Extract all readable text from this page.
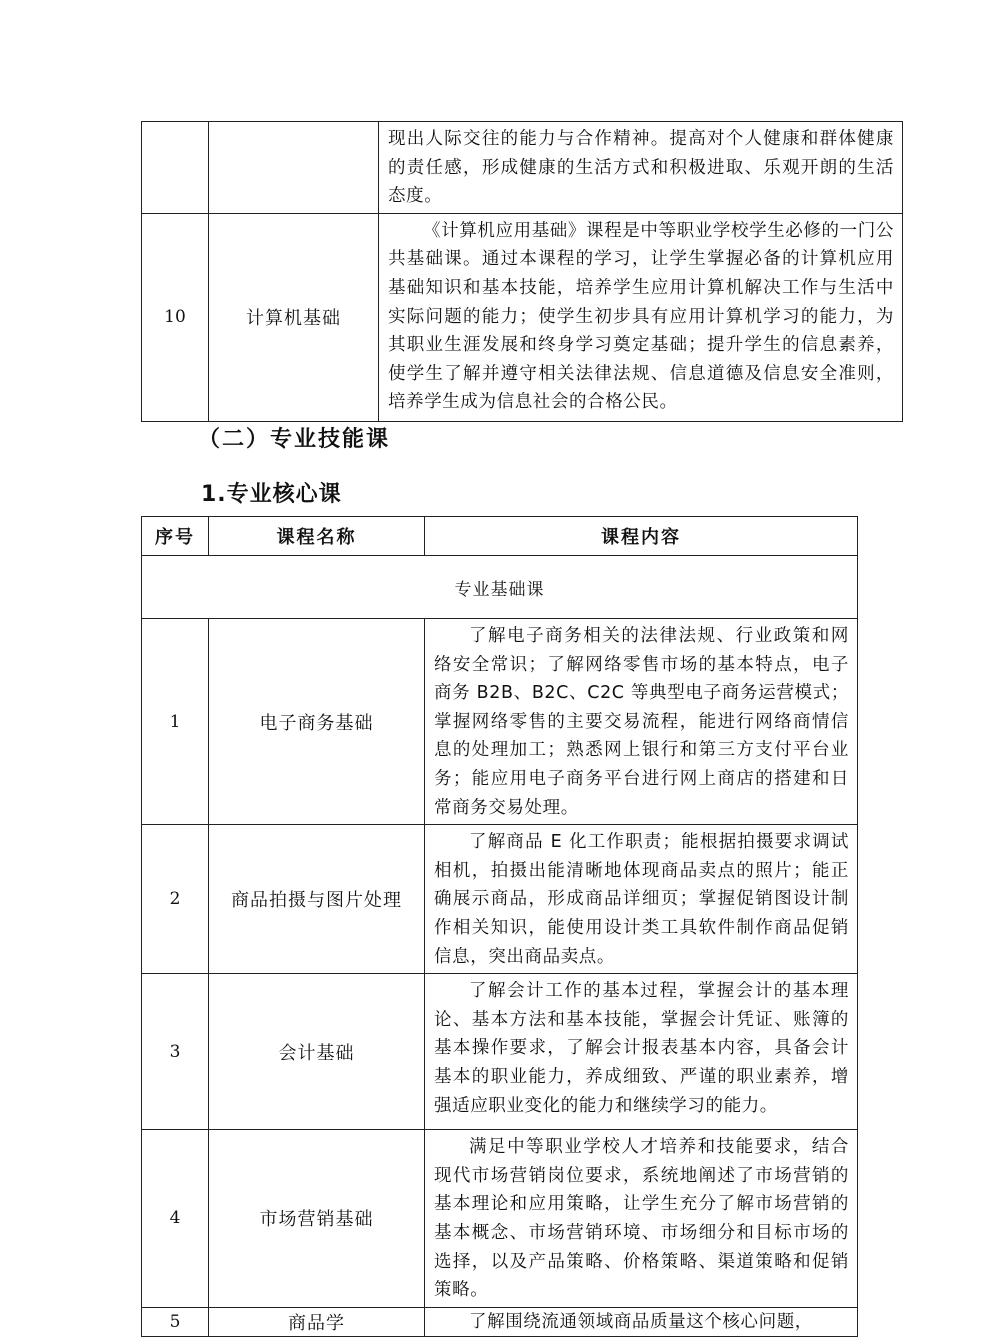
		现出人际交往的能力与合作精神。提高对个人健康和群体健康的责任感，形成健康的生活方式和积极进取、乐观开朗的生活态度。
10	计算机基础	《计算机应用基础》课程是中等职业学校学生必修的一门公共基础课。通过本课程的学习，让学生掌握必备的计算机应用基础知识和基本技能，培养学生应用计算机解决工作与生活中实际问题的能力；使学生初步具有应用计算机学习的能力，为其职业生涯发展和终身学习奠定基础；提升学生的信息素养，使学生了解并遵守相关法律法规、信息道德及信息安全准则，培养学生成为信息社会的合格公民。
（二）专业技能课
1.专业核心课
序号	课程名称	课程内容
专业基础课		
1	电子商务基础	了解电子商务相关的法律法规、行业政策和网络安全常识；了解网络零售市场的基本特点，电子商务 B2B、B2C、C2C 等典型电子商务运营模式；掌握网络零售的主要交易流程，能进行网络商情信息的处理加工；熟悉网上银行和第三方支付平台业务；能应用电子商务平台进行网上商店的搭建和日常商务交易处理。
2	商品拍摄与图片处理	了解商品 E 化工作职责；能根据拍摄要求调试相机，拍摄出能清晰地体现商品卖点的照片；能正确展示商品，形成商品详细页；掌握促销图设计制作相关知识，能使用设计类工具软件制作商品促销信息，突出商品卖点。
3	会计基础	了解会计工作的基本过程，掌握会计的基本理论、基本方法和基本技能，掌握会计凭证、账簿的基本操作要求，了解会计报表基本内容，具备会计基本的职业能力，养成细致、严谨的职业素养，增强适应职业变化的能力和继续学习的能力。
4	市场营销基础	满足中等职业学校人才培养和技能要求，结合现代市场营销岗位要求，系统地阐述了市场营销的基本理论和应用策略，让学生充分了解市场营销的基本概念、市场营销环境、市场细分和目标市场的选择，以及产品策略、价格策略、渠道策略和促销策略。
5	商品学	了解围绕流通领域商品质量这个核心问题，
